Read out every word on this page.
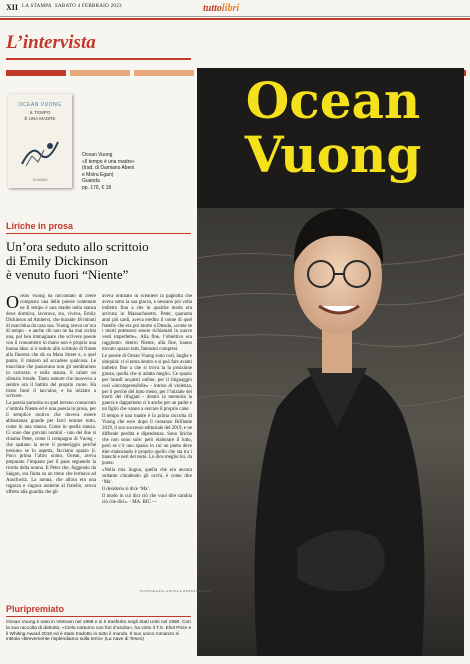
XII LA STAMPA SABATO 4 FEBBRAIO 2023	tuttolibri
L’intervista
OCEAN VUONG
IL TEMPO
È UNA MADRE
GUANDA
Ocean Vuong
«Il tempo è una madre»
(trad. di Damiano Abeni
e Moira Egan)
Guanda
pp. 176, € 18
Ocean
Vuong
Liriche in prosa
Un’ora seduto allo scrittoio
di Emily Dickinson
è venuto fuori “Niente”

Ocean Vuong ha raccontato di avere composto una delle poesie contenute ne Il tempo è una madre nella stanza dove dormiva, lavorava, sta, viveva, Emily Dickinson ad Amherst, che durante 18 minuti di macchina da casa sua. Vuong aveva un’ora di tempo - e anche chi non ne ha mai scritta una, poi ben immaginare che scrivere poesie con il cronometro in mano non è proprio una buona idea: si è seduto allo scrittoio di fronte alla finestra che dà su Main Street e, a quel punto, il mistero ad accadere qualcosa. Le macchine che passavano non gli sembrarono in carrozze, e nella stanza, il calare un silenzio irreale. Tanto rumore che muoveva a sentire ora il battito del proprio cuore. Ha tirato fuori il taccuino, e ha iniziato a scrivere.

La poesia partorita su quel terreno consacrato s’intitola Niente ed è una poesia in prosa, per il semplice motivo che doveva essere abbastanza grande per farci entrare tutto, come in una stanza. Come in quella stanza. Ci sono due giovani uomini - uno dei due si chiama Peter, come il compagno di Vuong - che spalano la neve il pomeriggio perché nessuno se lo aspetta, facciano spazio (i. Poco prima l’altro uomo, Ocean, aveva preparato l’impasto per il pane seguendo la ricetta della nonna. Il Peter che, fuggendo da Saigon, era finita su un treno che lermava ad Auschwitz. La nonna, che allora era una ragazza e vagava assieme al fratello, aveva offerto alla guardia che gli

aveva ordinato di scendere la pagnotta che aveva sotto la sua giacca, e nessuno poi volta indietro fino a che in qualche modo era arrivata in Massachusetts. Peter, quaranta anni più tardi, aveva eredito il nome di quel fratello che era poi morto a Dresda, «come se i morti potessero essere richiamati in nuove vesti imperfette». Alla fine, l’obiettivo era raggiunto: dentro Niente, alla fine, hanno trovato spazio tutti, fantasmi compresi.

Le poesie di Ocean Vuong sono così, larghe e ubiquità: ci si entra dentro e si può fare avanti indietro fino a che si trova la la posizione giusta, quella che si adatta meglio. Ce spazio per lunedì acquisti online, per il linguaggio così «incomprensibile» - intriso di violenza, per il perché del lutto meno, per l’iniziale dei morti dei rifugiati - dentro la memoria la guerra e dappertutto ci è anche per un padre e un figlio che vanno a cercare il proprio cane.

Il tempo è una madre è la prima raccolta di Vuong che esce dopo il romanzo Brillante 2019, il suo successo editoriale del 2019, e ne diffonde perdita e dipendenza. Sono liriche che non sono sole: però elaborare il lutto, però se c’è uno spazio in cui un poeta deve dire elaborando è proprio quello che sta tra i bianchi e neri del testo. Lo dice meglio lui, da poeta:

«Nella mia lingua, quella che era ancora soltanto chiudendo gli occhi, è come dire ‘Ma’.

Il desiderio si dice ‘Ma’.

Il modo in cui dici ciò che vuoi dire cambia ciò che dici». - MA. RIC —

FOTOGRAFIA ANGELA BERVANT/E.P.P.
Pluripremiato
Ocean Vuong è nato in Vietnam nel 1988 e si è trasferito negli Stati Uniti nel 1990. Con la sua raccolta di debutto, «Cielo notturno con fori d’uscita», ha vinto il T.S. Eliot Prize e il Whiting Award 2016 ed è stato tradotto in tutto il mondo. Il suo unico romanzo si intitola «Brevemente risplendiamo sulla terra» (La nave di Teseo)
